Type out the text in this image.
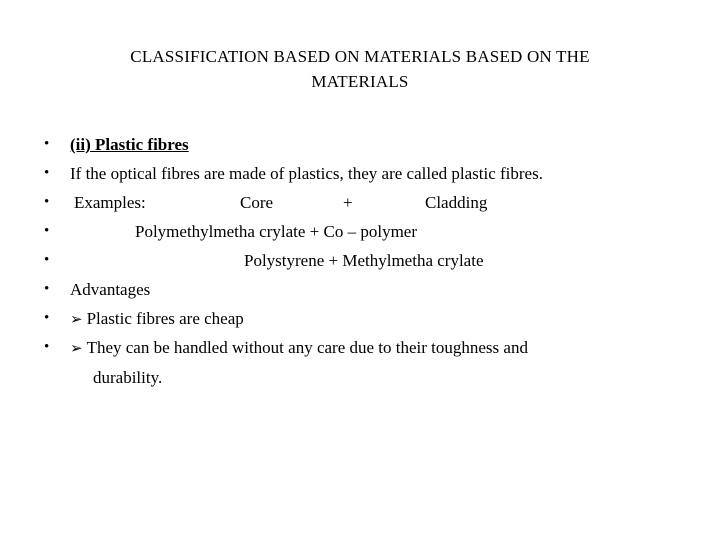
CLASSIFICATION BASED ON MATERIALS BASED ON THE
MATERIALS
• (ii) Plastic fibres
• If the optical fibres are made of plastics, they are called plastic fibres.
• Examples:	Core	+	Cladding
•	Polymethylmetha crylate + Co – polymer
•	Polystyrene + Methylmetha crylate
• Advantages
• ➢ Plastic fibres are cheap
• ➢ They can be handled without any care due to their toughness and
durability.
